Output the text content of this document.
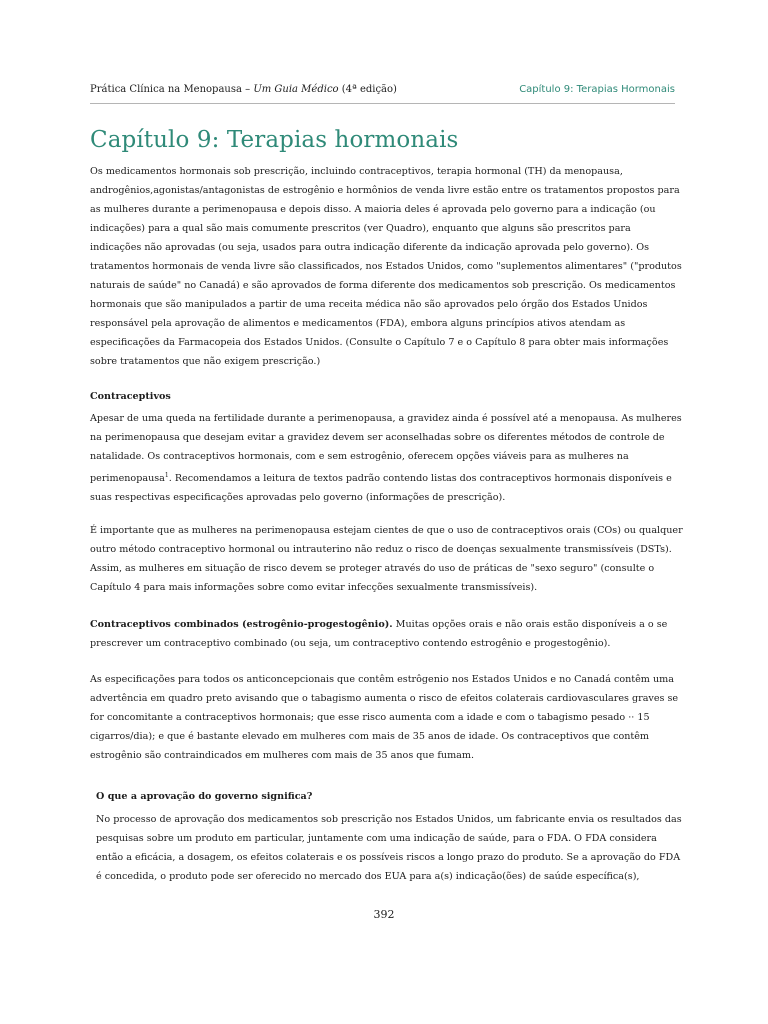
Prática Clínica na Menopausa – Um Guia Médico (4ª edição)	Capítulo 9: Terapias Hormonais
Capítulo 9: Terapias hormonais

Os medicamentos hormonais sob prescrição, incluindo contraceptivos, terapia hormonal (TH) da menopausa, androgênios,agonistas/antagonistas de estrogênio e hormônios de venda livre estão entre os tratamentos propostos para as mulheres durante a perimenopausa e depois disso. A maioria deles é aprovada pelo governo para a indicação (ou indicações) para a qual são mais comumente prescritos (ver Quadro), enquanto que alguns são prescritos para indicações não aprovadas (ou seja, usados para outra indicação diferente da indicação aprovada pelo governo). Os tratamentos hormonais de venda livre são classificados, nos Estados Unidos, como "suplementos alimentares" ("produtos naturais de saúde" no Canadá) e são aprovados de forma diferente dos medicamentos sob prescrição. Os medicamentos hormonais que são manipulados a partir de uma receita médica não são aprovados pelo órgão dos Estados Unidos responsável pela aprovação de alimentos e medicamentos (FDA), embora alguns princípios ativos atendam as especificações da Farmacopeia dos Estados Unidos. (Consulte o Capítulo 7 e o Capítulo 8 para obter mais informações sobre tratamentos que não exigem prescrição.)

Contraceptivos

Apesar de uma queda na fertilidade durante a perimenopausa, a gravidez ainda é possível até a menopausa. As mulheres na perimenopausa que desejam evitar a gravidez devem ser aconselhadas sobre os diferentes métodos de controle de natalidade. Os contraceptivos hormonais, com e sem estrogênio, oferecem opções viáveis para as mulheres na perimenopausa$^1$. Recomendamos a leitura de textos padrão contendo listas dos contraceptivos hormonais disponíveis e suas respectivas especificações aprovadas pelo governo (informações de prescrição).

É importante que as mulheres na perimenopausa estejam cientes de que o uso de contraceptivos orais (COs) ou qualquer outro método contraceptivo hormonal ou intrauterino não reduz o risco de doenças sexualmente transmissíveis (DSTs). Assim, as mulheres em situação de risco devem se proteger através do uso de práticas de "sexo seguro" (consulte o Capítulo 4 para mais informações sobre como evitar infecções sexualmente transmissíveis).

Contraceptivos combinados (estrogênio-progestogênio). Muitas opções orais e não orais estão disponíveis a o se prescrever um contraceptivo combinado (ou seja, um contraceptivo contendo estrogênio e progestogênio).

As especificações para todos os anticoncepcionais que contêm estrôgenio nos Estados Unidos e no Canadá contêm uma advertência em quadro preto avisando que o tabagismo aumenta o risco de efeitos colaterais cardiovasculares graves se for concomitante a contraceptivos hormonais; que esse risco aumenta com a idade e com o tabagismo pesado ·· 15 cigarros/dia); e que é bastante elevado em mulheres com mais de 35 anos de idade. Os contraceptivos que contêm estrogênio são contraindicados em mulheres com mais de 35 anos que fumam.

O que a aprovação do governo significa?

No processo de aprovação dos medicamentos sob prescrição nos Estados Unidos, um fabricante envia os resultados das pesquisas sobre um produto em particular, juntamente com uma indicação de saúde, para o FDA. O FDA considera então a eficácia, a dosagem, os efeitos colaterais e os possíveis riscos a longo prazo do produto. Se a aprovação do FDA é concedida, o produto pode ser oferecido no mercado dos EUA para a(s) indicação(ões) de saúde específica(s),

392
